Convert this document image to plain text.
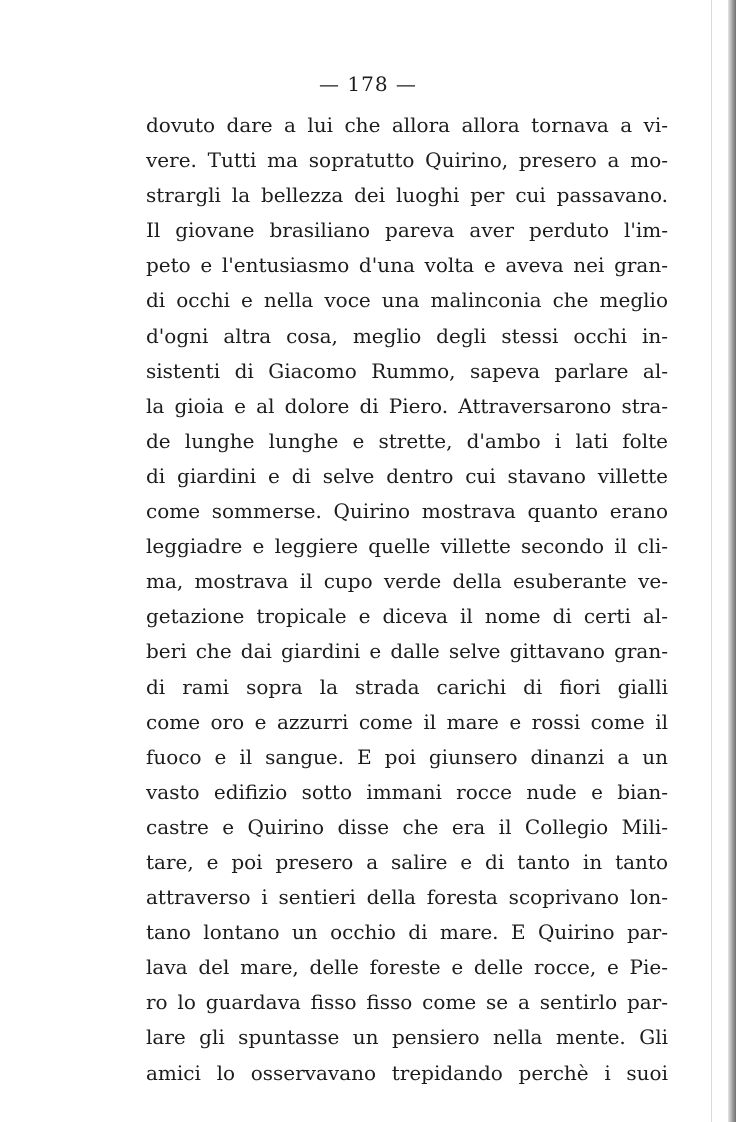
— 178 —
dovuto dare a lui che allora allora tornava a vi-
vere. Tutti ma sopratutto Quirino, presero a mo-
strargli la bellezza dei luoghi per cui passavano.
Il giovane brasiliano pareva aver perduto l'im-
peto e l'entusiasmo d'una volta e aveva nei gran-
di occhi e nella voce una malinconia che meglio
d'ogni altra cosa, meglio degli stessi occhi in-
sistenti di Giacomo Rummo, sapeva parlare al-
la gioia e al dolore di Piero. Attraversarono stra-
de lunghe lunghe e strette, d'ambo i lati folte
di giardini e di selve dentro cui stavano villette
come sommerse. Quirino mostrava quanto erano
leggiadre e leggiere quelle villette secondo il cli-
ma, mostrava il cupo verde della esuberante ve-
getazione tropicale e diceva il nome di certi al-
beri che dai giardini e dalle selve gittavano gran-
di rami sopra la strada carichi di fiori gialli
come oro e azzurri come il mare e rossi come il
fuoco e il sangue. E poi giunsero dinanzi a un
vasto edifizio sotto immani rocce nude e bian-
castre e Quirino disse che era il Collegio Mili-
tare, e poi presero a salire e di tanto in tanto
attraverso i sentieri della foresta scoprivano lon-
tano lontano un occhio di mare. E Quirino par-
lava del mare, delle foreste e delle rocce, e Pie-
ro lo guardava fisso fisso come se a sentirlo par-
lare gli spuntasse un pensiero nella mente. Gli
amici lo osservavano trepidando perchè i suoi
